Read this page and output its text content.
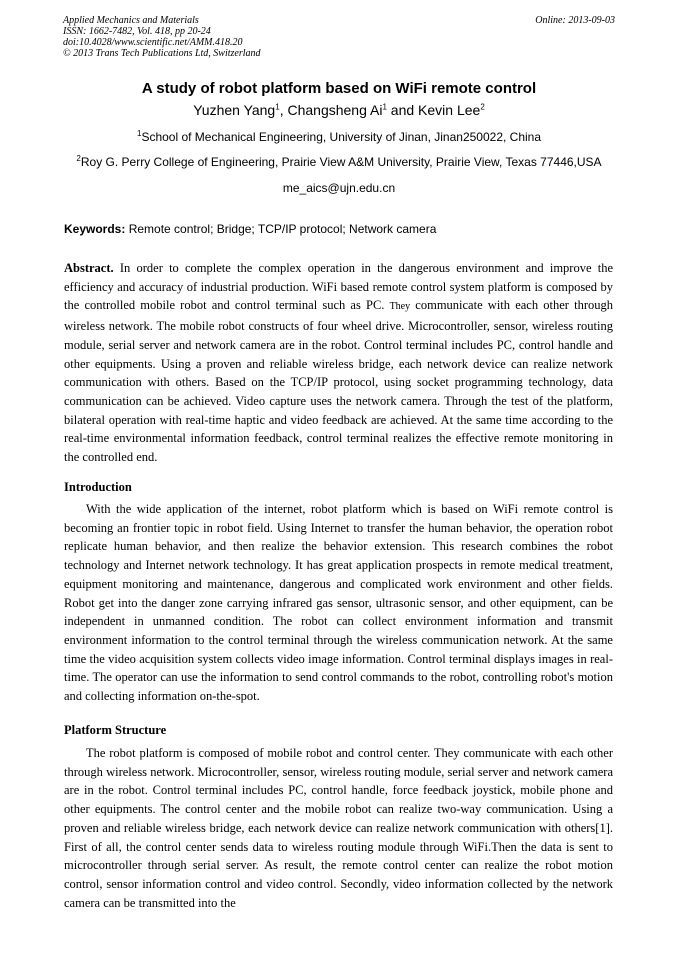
Applied Mechanics and Materials
ISSN: 1662-7482, Vol. 418, pp 20-24
doi:10.4028/www.scientific.net/AMM.418.20
© 2013 Trans Tech Publications Ltd, Switzerland
Online: 2013-09-03
A study of robot platform based on WiFi remote control
Yuzhen Yang$^1$, Changsheng Ai$^1$ and Kevin Lee$^2$
$^1$School of Mechanical Engineering, University of Jinan, Jinan250022, China
$^2$Roy G. Perry College of Engineering, Prairie View A&M University, Prairie View, Texas 77446,USA
me_aics@ujn.edu.cn
Keywords: Remote control; Bridge; TCP/IP protocol; Network camera
Abstract. In order to complete the complex operation in the dangerous environment and improve the efficiency and accuracy of industrial production. WiFi based remote control system platform is composed by the controlled mobile robot and control terminal such as PC. They communicate with each other through wireless network. The mobile robot constructs of four wheel drive. Microcontroller, sensor, wireless routing module, serial server and network camera are in the robot. Control terminal includes PC, control handle and other equipments. Using a proven and reliable wireless bridge, each network device can realize network communication with others. Based on the TCP/IP protocol, using socket programming technology, data communication can be achieved. Video capture uses the network camera. Through the test of the platform, bilateral operation with real-time haptic and video feedback are achieved. At the same time according to the real-time environmental information feedback, control terminal realizes the effective remote monitoring in the controlled end.
Introduction
With the wide application of the internet, robot platform which is based on WiFi remote control is becoming an frontier topic in robot field. Using Internet to transfer the human behavior, the operation robot replicate human behavior, and then realize the behavior extension. This research combines the robot technology and Internet network technology. It has great application prospects in remote medical treatment, equipment monitoring and maintenance, dangerous and complicated work environment and other fields. Robot get into the danger zone carrying infrared gas sensor, ultrasonic sensor, and other equipment, can be independent in unmanned condition. The robot can collect environment information and transmit environment information to the control terminal through the wireless communication network. At the same time the video acquisition system collects video image information. Control terminal displays images in real-time. The operator can use the information to send control commands to the robot, controlling robot's motion and collecting information on-the-spot.
Platform Structure
The robot platform is composed of mobile robot and control center. They communicate with each other through wireless network. Microcontroller, sensor, wireless routing module, serial server and network camera are in the robot. Control terminal includes PC, control handle, force feedback joystick, mobile phone and other equipments. The control center and the mobile robot can realize two-way communication. Using a proven and reliable wireless bridge, each network device can realize network communication with others[1]. First of all, the control center sends data to wireless routing module through WiFi.Then the data is sent to microcontroller through serial server. As result, the remote control center can realize the robot motion control, sensor information control and video control. Secondly, video information collected by the network camera can be transmitted into the
